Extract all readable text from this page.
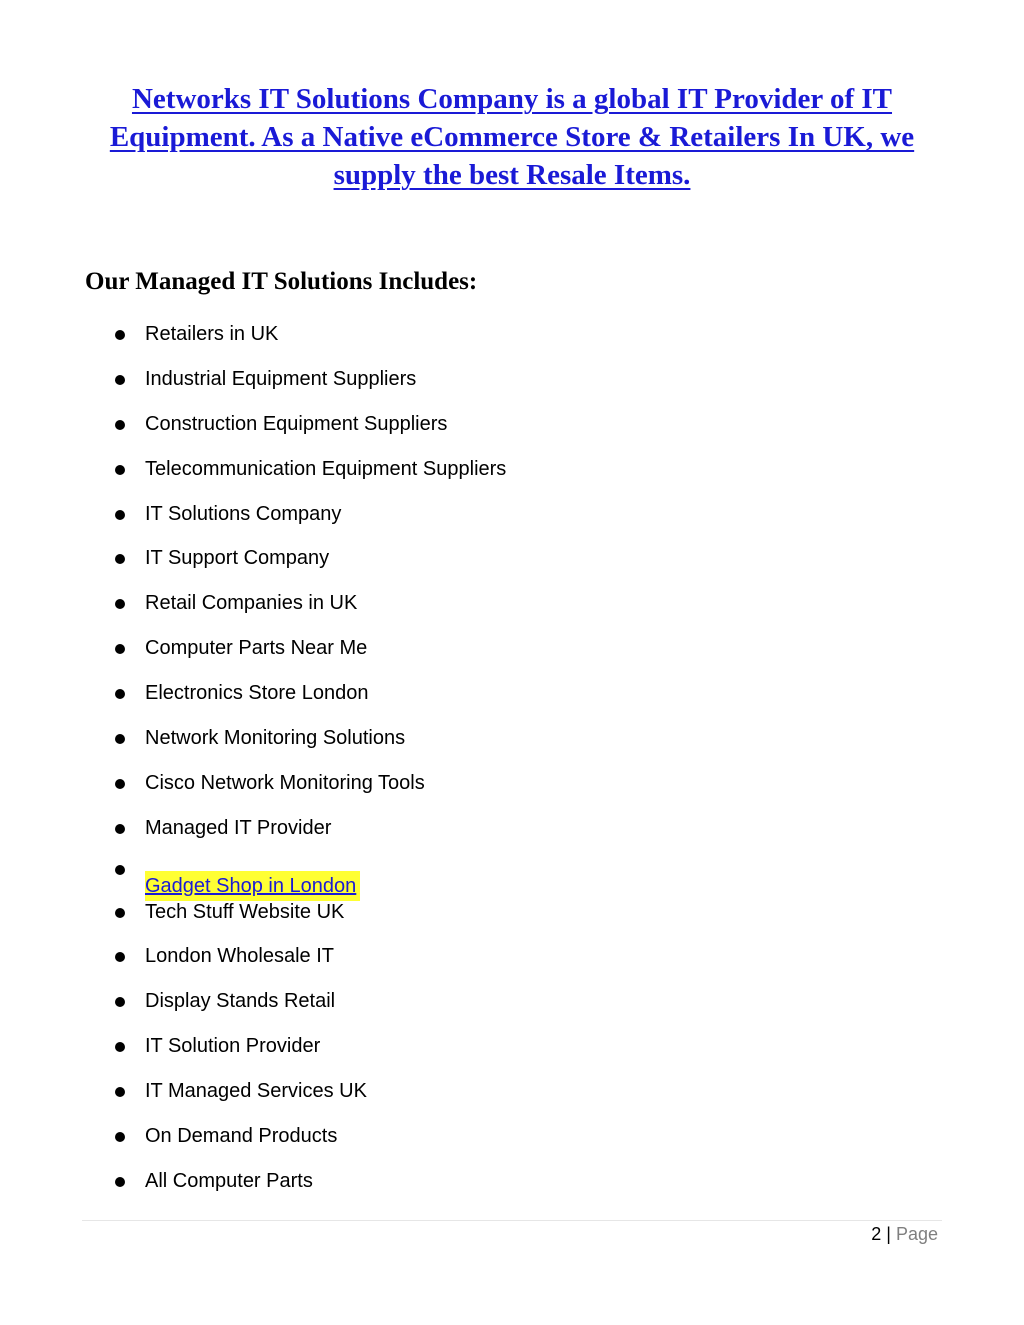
Networks IT Solutions Company is a global IT Provider of IT Equipment. As a Native eCommerce Store & Retailers In UK, we supply the best Resale Items.
Our Managed IT Solutions Includes:
Retailers in UK
Industrial Equipment Suppliers
Construction Equipment Suppliers
Telecommunication Equipment Suppliers
IT Solutions Company
IT Support Company
Retail Companies in UK
Computer Parts Near Me
Electronics Store London
Network Monitoring Solutions
Cisco Network Monitoring Tools
Managed IT Provider
Gadget Shop in London
Tech Stuff Website UK
London Wholesale IT
Display Stands Retail
IT Solution Provider
IT Managed Services UK
On Demand Products
All Computer Parts
2 | Page
